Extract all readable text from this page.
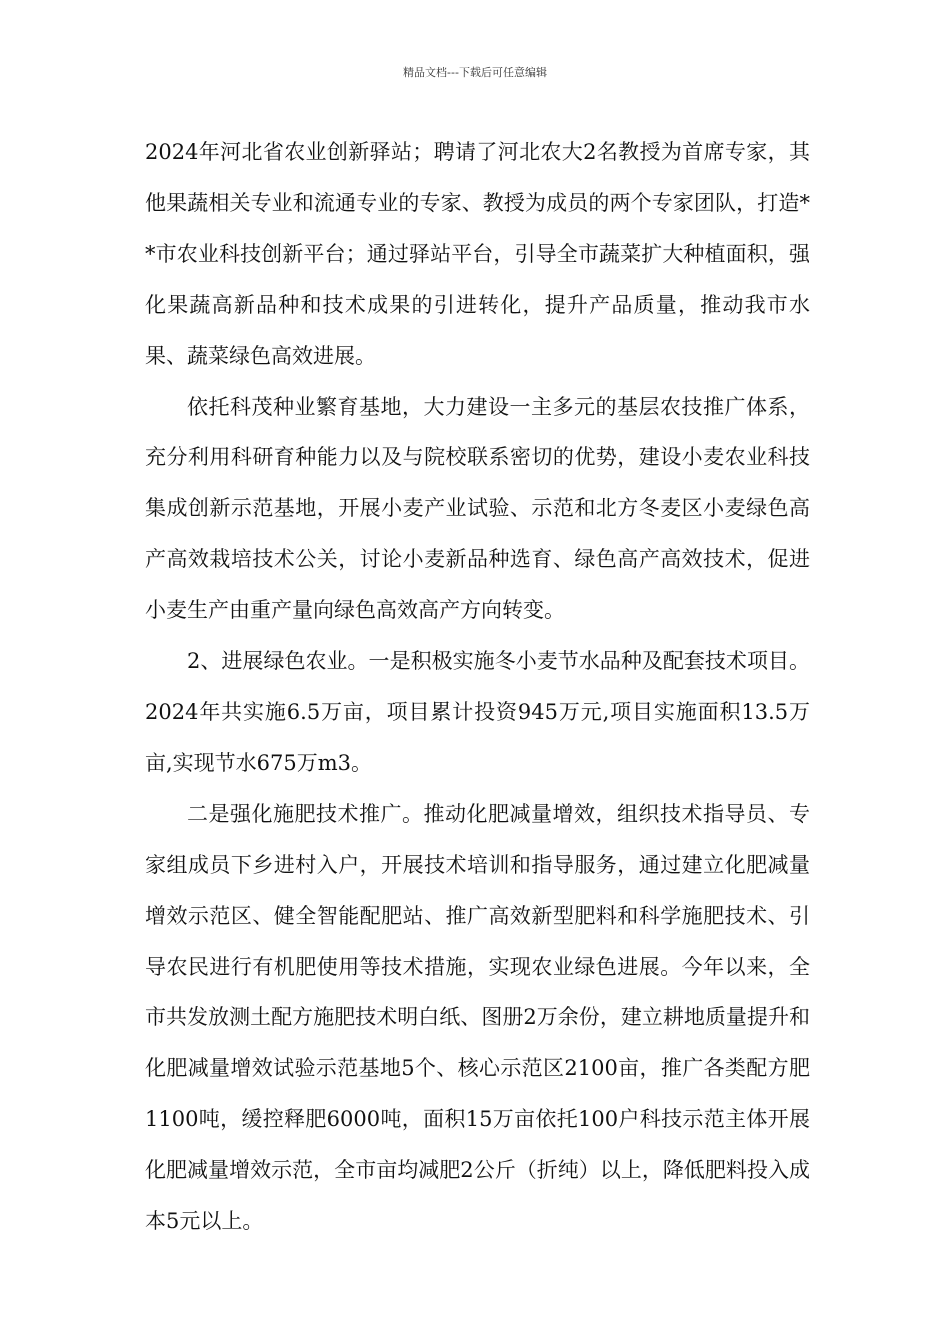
精品文档---下载后可任意编辑

2024年河北省农业创新驿站；聘请了河北农大2名教授为首席专家，其他果蔬相关专业和流通专业的专家、教授为成员的两个专家团队，打造**市农业科技创新平台；通过驿站平台，引导全市蔬菜扩大种植面积，强化果蔬高新品种和技术成果的引进转化，提升产品质量，推动我市水果、蔬菜绿色高效进展。

依托科茂种业繁育基地，大力建设一主多元的基层农技推广体系，充分利用科研育种能力以及与院校联系密切的优势，建设小麦农业科技集成创新示范基地，开展小麦产业试验、示范和北方冬麦区小麦绿色高产高效栽培技术公关，讨论小麦新品种选育、绿色高产高效技术，促进小麦生产由重产量向绿色高效高产方向转变。

2、进展绿色农业。一是积极实施冬小麦节水品种及配套技术项目。2024年共实施6.5万亩，项目累计投资945万元,项目实施面积13.5万亩,实现节水675万m3。

二是强化施肥技术推广。推动化肥减量增效，组织技术指导员、专家组成员下乡进村入户，开展技术培训和指导服务，通过建立化肥减量增效示范区、健全智能配肥站、推广高效新型肥料和科学施肥技术、引导农民进行有机肥使用等技术措施，实现农业绿色进展。今年以来，全市共发放测土配方施肥技术明白纸、图册2万余份，建立耕地质量提升和化肥减量增效试验示范基地5个、核心示范区2100亩，推广各类配方肥1100吨，缓控释肥6000吨，面积15万亩依托100户科技示范主体开展化肥减量增效示范，全市亩均减肥2公斤（折纯）以上，降低肥料投入成本5元以上。
